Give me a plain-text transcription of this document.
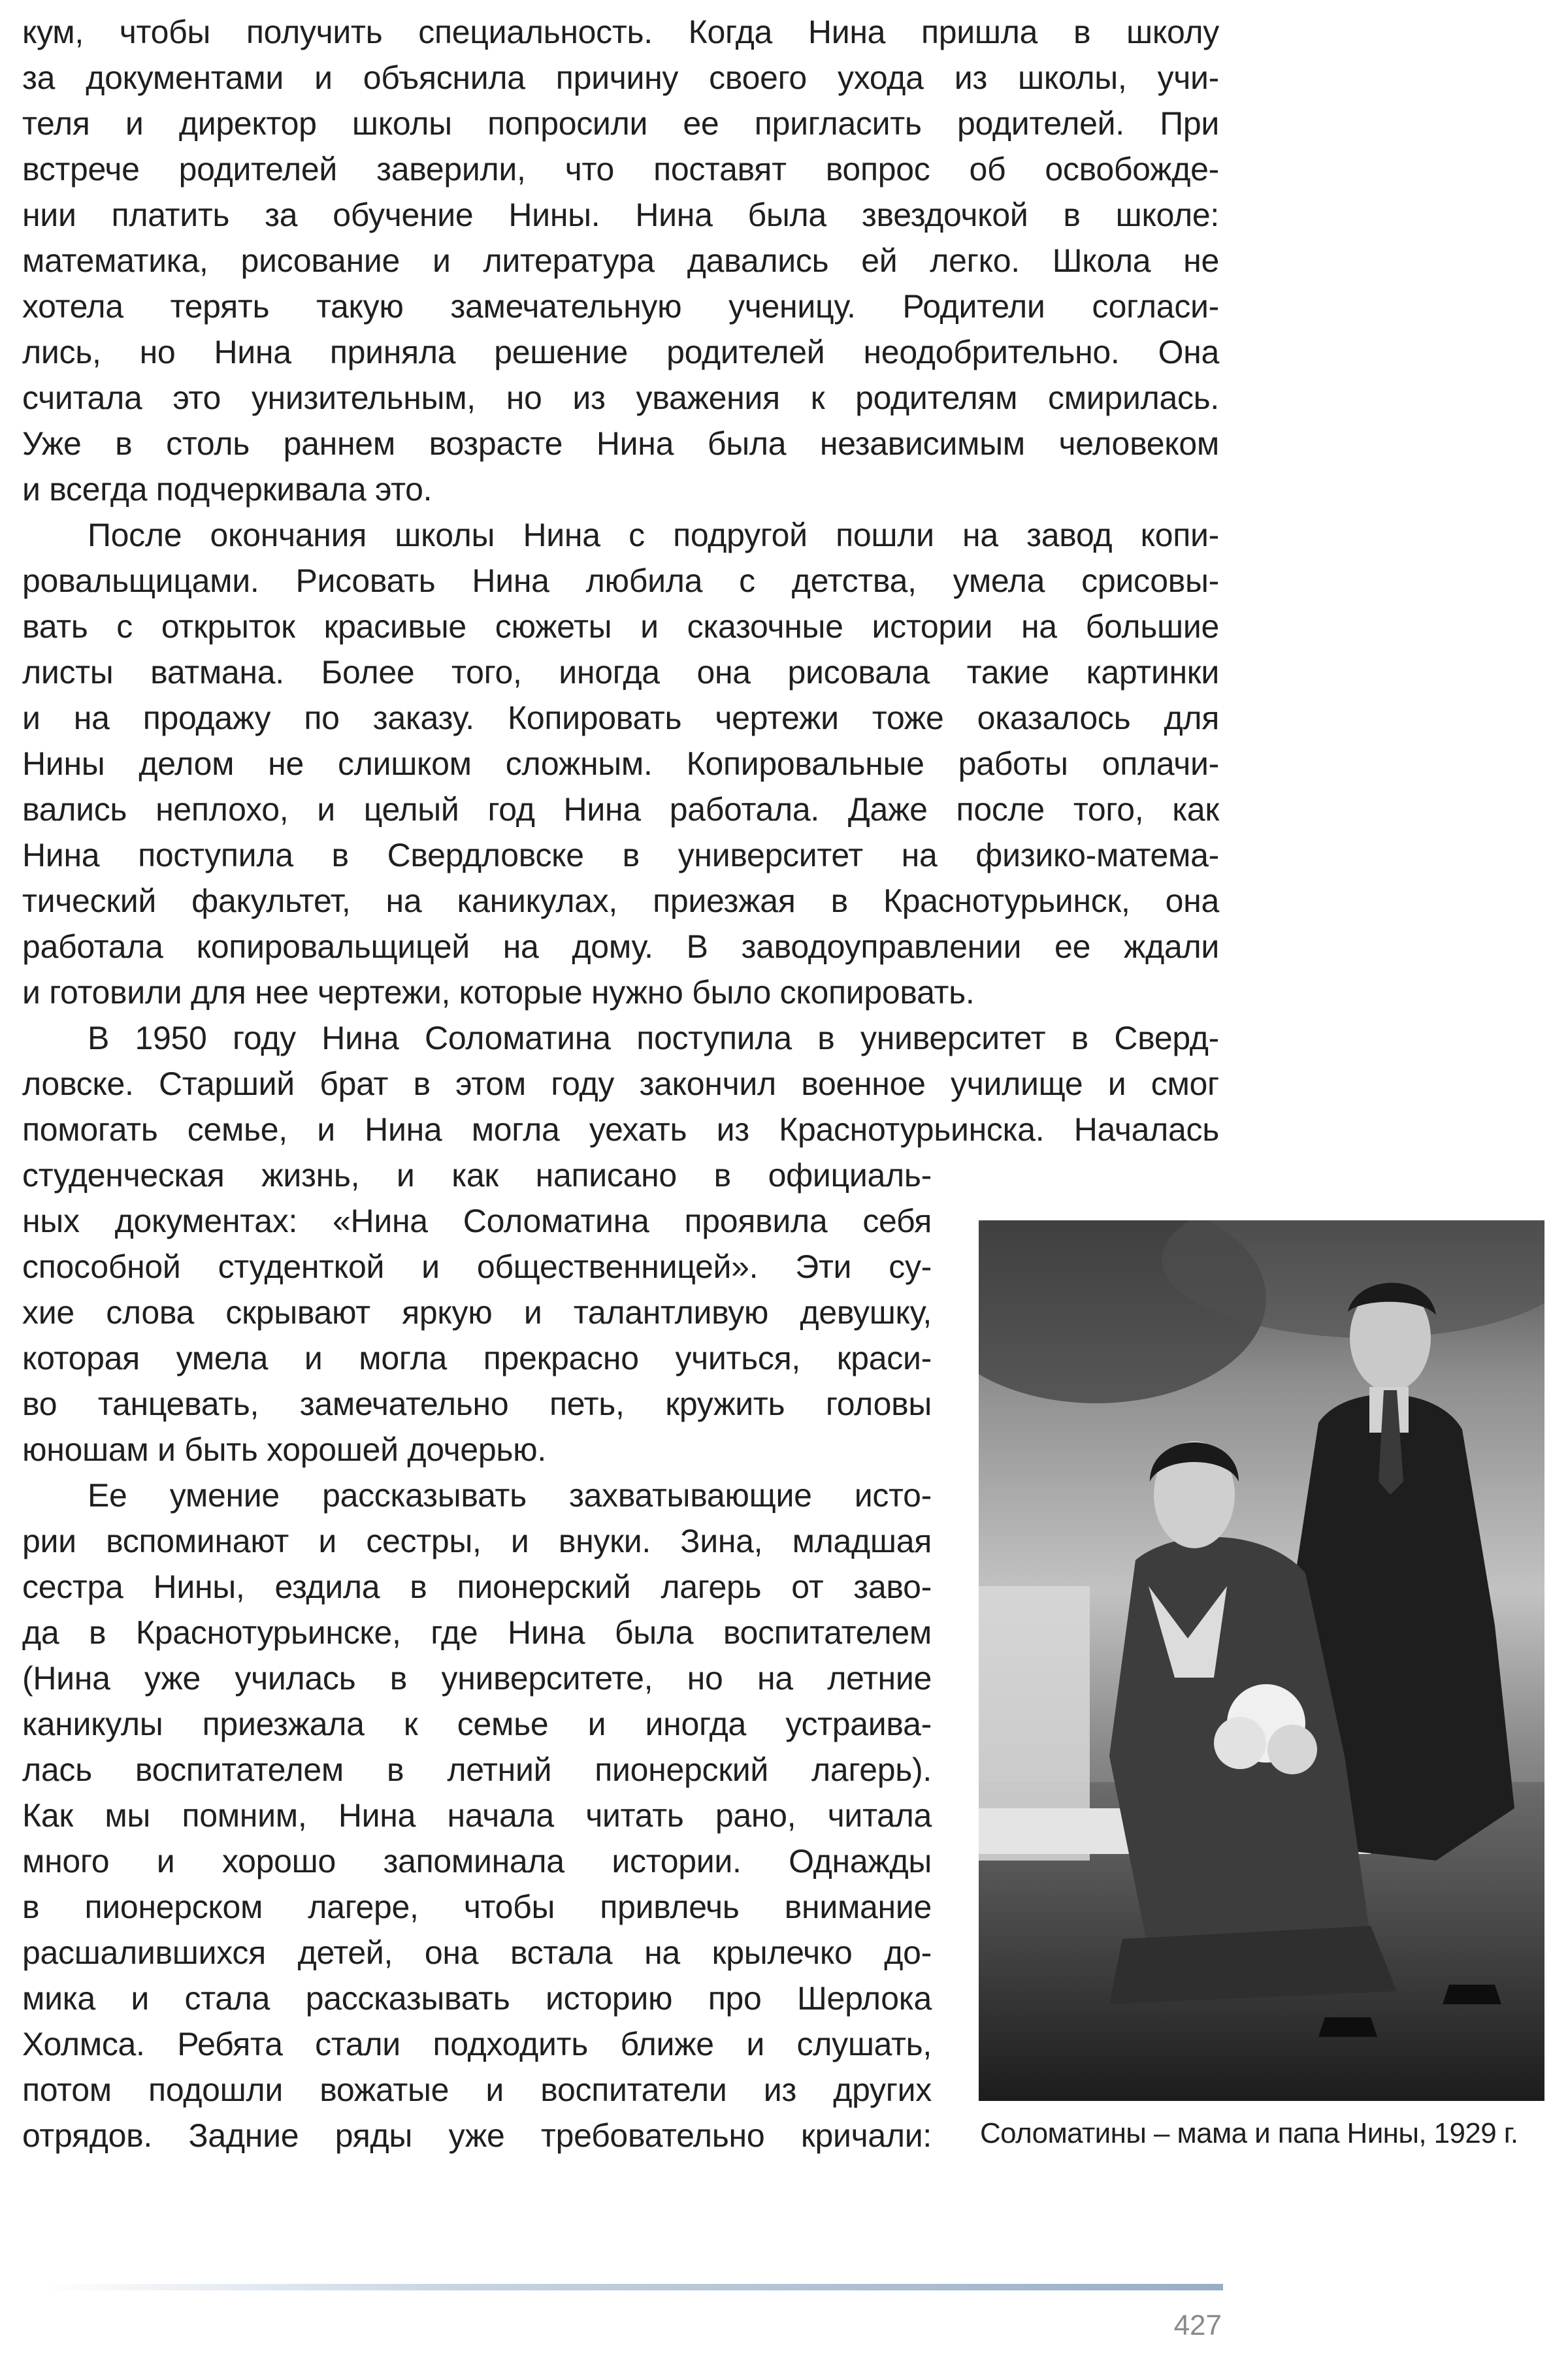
кум, чтобы получить специальность. Когда Нина пришла в школу
за документами и объяснила причину своего ухода из школы, учи-
теля и директор школы попросили ее пригласить родителей. При
встрече родителей заверили, что поставят вопрос об освобожде-
нии платить за обучение Нины. Нина была звездочкой в школе:
математика, рисование и литература давались ей легко. Школа не
хотела терять такую замечательную ученицу. Родители согласи-
лись, но Нина приняла решение родителей неодобрительно. Она
считала это унизительным, но из уважения к родителям смирилась.
Уже в столь раннем возрасте Нина была независимым человеком
и всегда подчеркивала это.
После окончания школы Нина с подругой пошли на завод копи-
ровальщицами. Рисовать Нина любила с детства, умела срисовы-
вать с открыток красивые сюжеты и сказочные истории на большие
листы ватмана. Более того, иногда она рисовала такие картинки
и на продажу по заказу. Копировать чертежи тоже оказалось для
Нины делом не слишком сложным. Копировальные работы оплачи-
вались неплохо, и целый год Нина работала. Даже после того, как
Нина поступила в Свердловске в университет на физико-матема-
тический факультет, на каникулах, приезжая в Краснотурьинск, она
работала копировальщицей на дому. В заводоуправлении ее ждали
и готовили для нее чертежи, которые нужно было скопировать.
В 1950 году Нина Соломатина поступила в университет в Сверд-
ловске. Старший брат в этом году закончил военное училище и смог
помогать семье, и Нина могла уехать из Краснотурьинска. Началась
студенческая жизнь, и как написано в официаль-
ных документах: «Нина Соломатина проявила себя
способной студенткой и общественницей». Эти су-
хие слова скрывают яркую и талантливую девушку,
которая умела и могла прекрасно учиться, краси-
во танцевать, замечательно петь, кружить головы
юношам и быть хорошей дочерью.
Ее умение рассказывать захватывающие исто-
рии вспоминают и сестры, и внуки. Зина, младшая
сестра Нины, ездила в пионерский лагерь от заво-
да в Краснотурьинске, где Нина была воспитателем
(Нина уже училась в университете, но на летние
каникулы приезжала к семье и иногда устраива-
лась воспитателем в летний пионерский лагерь).
Как мы помним, Нина начала читать рано, читала
много и хорошо запоминала истории. Однажды
в пионерском лагере, чтобы привлечь внимание
расшалившихся детей, она встала на крылечко до-
мика и стала рассказывать историю про Шерлока
Холмса. Ребята стали подходить ближе и слушать,
потом подошли вожатые и воспитатели из других
отрядов. Задние ряды уже требовательно кричали: Соломатины – мама и папа Нины, 1929 г.
427
